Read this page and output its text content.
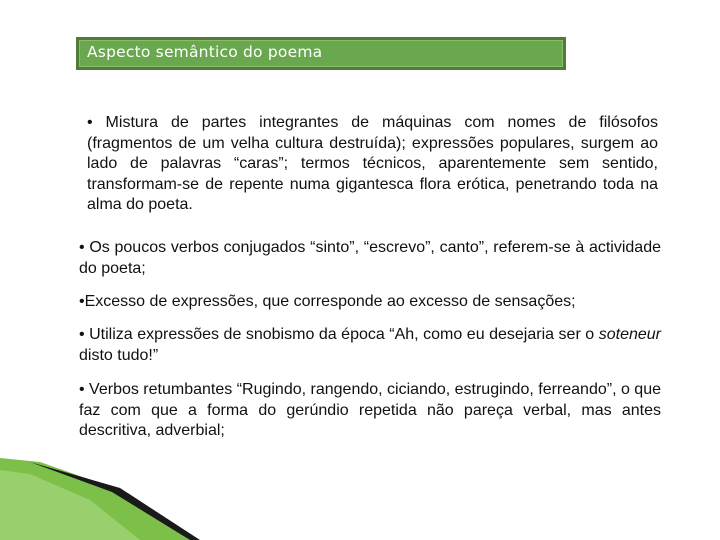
Aspecto semântico do poema

• Mistura de partes integrantes de máquinas com nomes de filósofos (fragmentos de um velha cultura destruída); expressões populares, surgem ao lado de palavras “caras”; termos técnicos, aparentemente sem sentido, transformam-se de repente numa gigantesca flora erótica, penetrando toda na alma do poeta.

• Os poucos verbos conjugados “sinto”, “escrevo”, canto”, referem-se à actividade do poeta;

•Excesso de expressões, que corresponde ao excesso de sensações;

• Utiliza expressões de snobismo da época “Ah, como eu desejaria ser o soteneur disto tudo!”

• Verbos retumbantes “Rugindo, rangendo, ciciando, estrugindo, ferreando”, o que faz com que a forma do gerúndio repetida não pareça verbal, mas antes descritiva, adverbial;
